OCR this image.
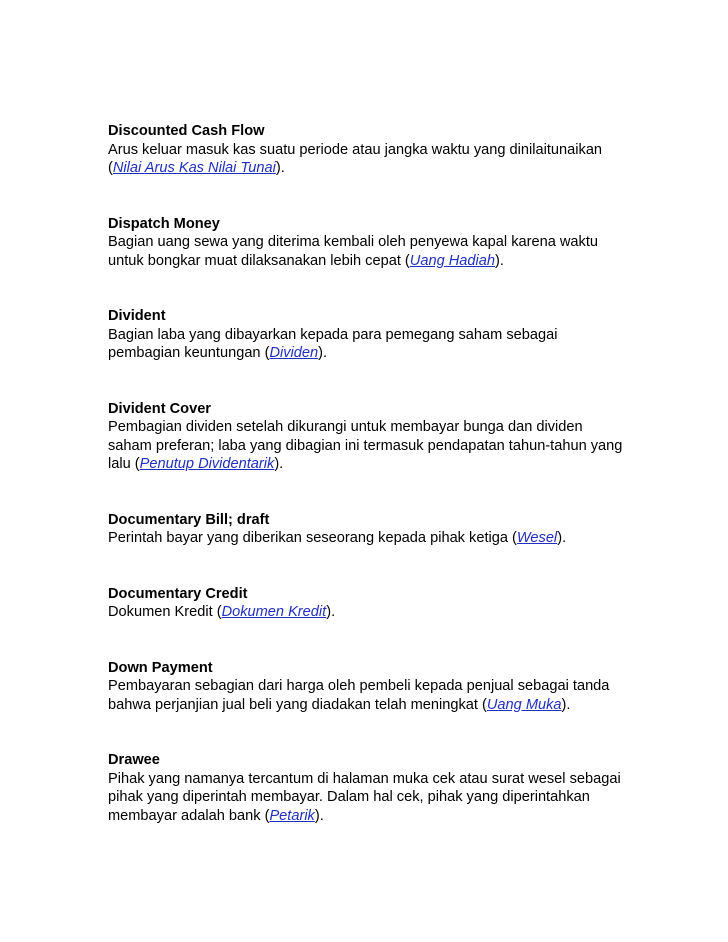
Discounted Cash Flow

Arus keluar masuk kas suatu periode atau jangka waktu yang dinilaitunaikan (Nilai Arus Kas Nilai Tunai).

Dispatch Money

Bagian uang sewa yang diterima kembali oleh penyewa kapal karena waktu untuk bongkar muat dilaksanakan lebih cepat (Uang Hadiah).

Divident

Bagian laba yang dibayarkan kepada para pemegang saham sebagai pembagian keuntungan (Dividen).

Divident Cover

Pembagian dividen setelah dikurangi untuk membayar bunga dan dividen saham preferan; laba yang dibagian ini termasuk pendapatan tahun-tahun yang lalu (Penutup Dividentarik).

Documentary Bill; draft

Perintah bayar yang diberikan seseorang kepada pihak ketiga (Wesel).

Documentary Credit

Dokumen Kredit (Dokumen Kredit).

Down Payment

Pembayaran sebagian dari harga oleh pembeli kepada penjual sebagai tanda bahwa perjanjian jual beli yang diadakan telah meningkat (Uang Muka).

Drawee

Pihak yang namanya tercantum di halaman muka cek atau surat wesel sebagai pihak yang diperintah membayar. Dalam hal cek, pihak yang diperintahkan membayar adalah bank (Petarik).
